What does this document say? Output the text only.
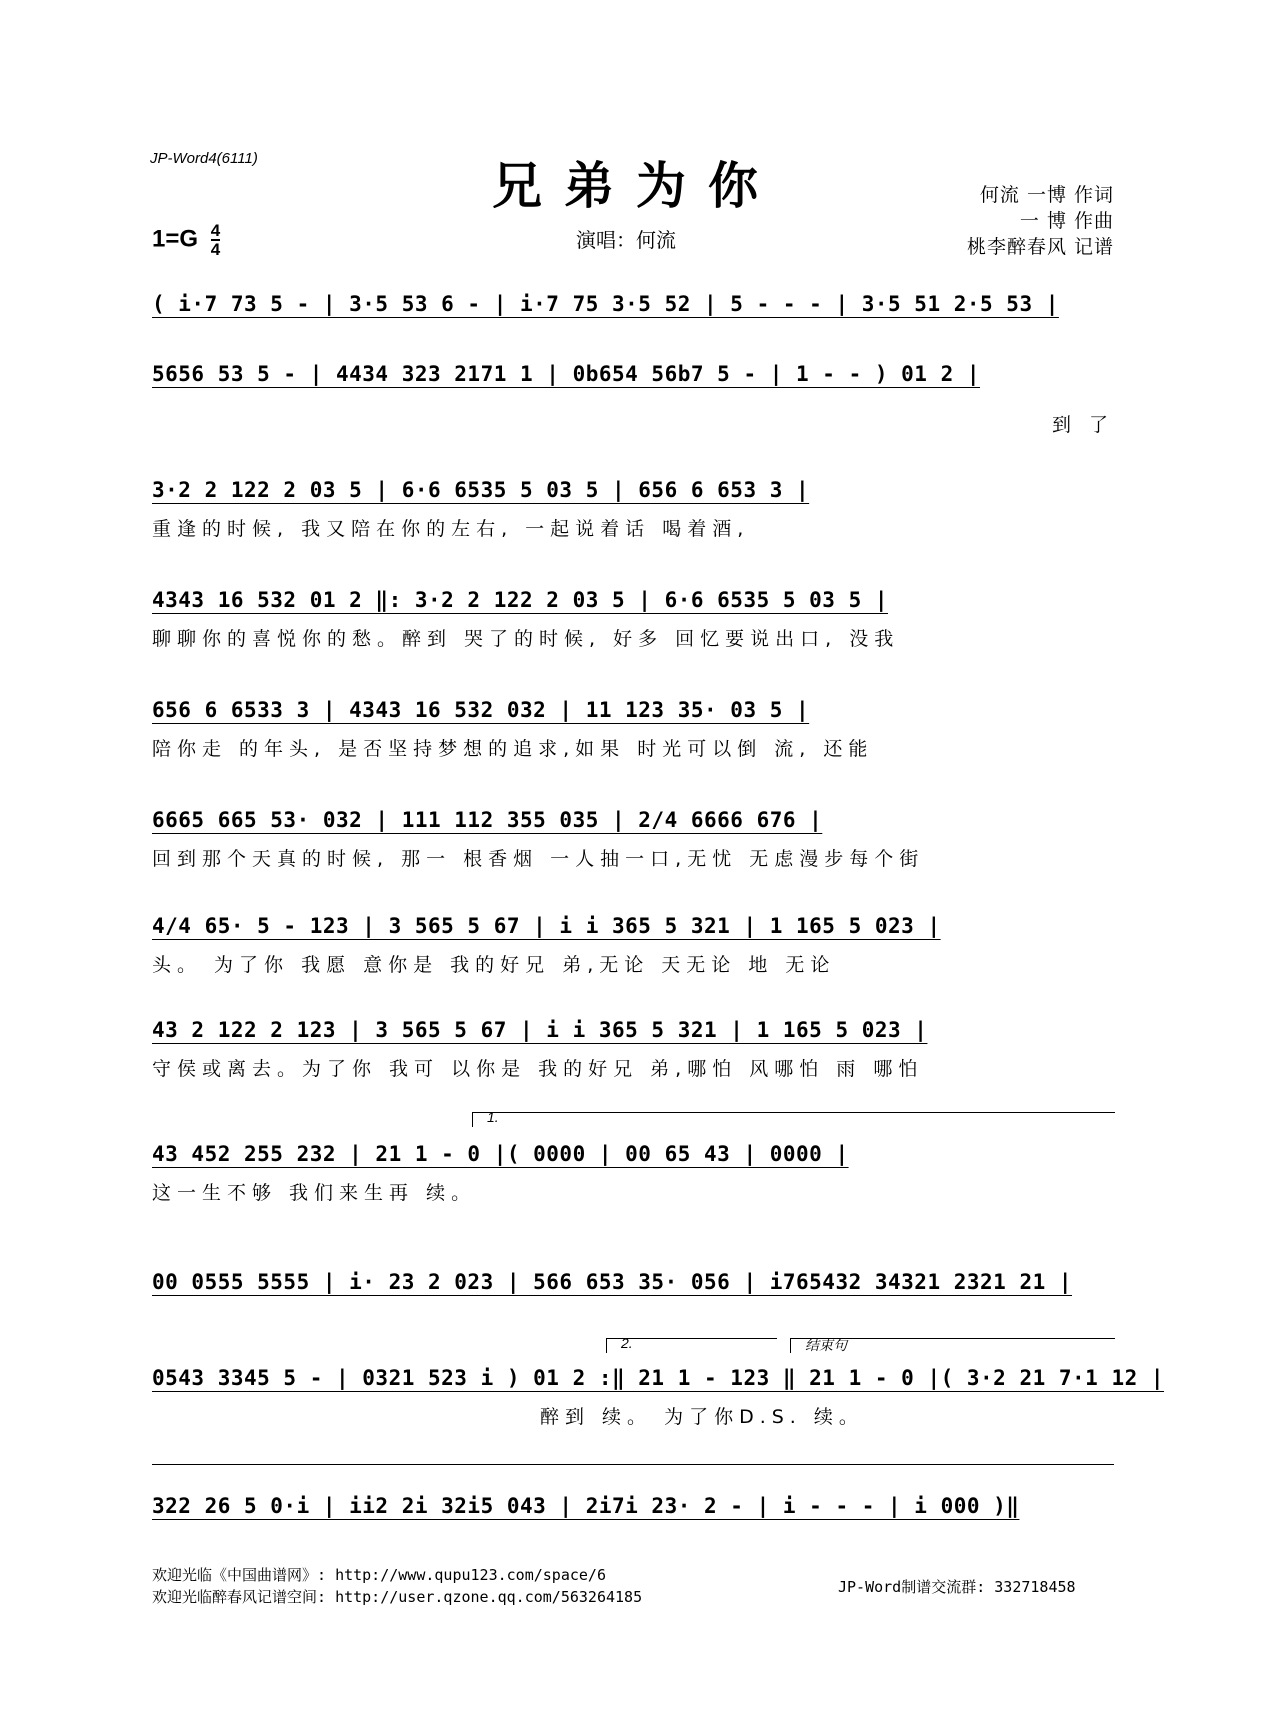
JP-Word4(6111)	兄弟为你
$1=G \frac{4}{4}$	演唱：何流
何流 一博 作词
一 博 作曲
桃李醉春风 记谱
( i·7 73 5 - | 3·5 53 6 - | i·7 75 3·5 52 | 5 - - - | 3·5 51 2·5 53 |
5656 53 5 - | 4434 323 2171 1 | 0b654 56b7 5 - | 1 - - ) 01 2 |
到 了
3·2 2 122 2 03 5 | 6·6 6535 5 03 5 | 656 6 653 3 |
重逢的时候, 我又陪在你的左右, 一起说着话 喝着酒,
4343 16 532 01 2 ‖: 3·2 2 122 2 03 5 | 6·6 6535 5 03 5 |
聊聊你的喜悦你的愁。醉到 哭了的时候, 好多 回忆要说出口, 没我
656 6 6533 3 | 4343 16 532 032 | 11 123 35· 03 5 |
陪你走 的年头, 是否坚持梦想的追求,如果 时光可以倒 流, 还能
6665 665 53· 032 | 111 112 355 035 | 2/4 6666 676 |
回到那个天真的时候, 那一 根香烟 一人抽一口,无忧 无虑漫步每个街
4/4 65· 5 - 123 | 3 565 5 67 | i i 365 5 321 | 1 165 5 023 |
头。 为了你 我愿 意你是 我的好兄 弟,无论 天无论 地 无论
43 2 122 2 123 | 3 565 5 67 | i i 365 5 321 | 1 165 5 023 |
守侯或离去。为了你 我可 以你是 我的好兄 弟,哪怕 风哪怕 雨 哪怕
1.
43 452 255 232 | 21 1 - 0 |( 0000 | 00 65 43 | 0000 |
这一生不够 我们来生再 续。
00 0555 5555 | i· 23 2 023 | 566 653 35· 056 | i765432 34321 2321 21 |
2.	结束句
0543 3345 5 - | 0321 523 i ) 01 2 :‖ 21 1 - 123 ‖ 21 1 - 0 |( 3·2 21 7·1 12 |
醉到 续。 为了你D.S. 续。
322 26 5 0·i | ii2 2i 32i5 043 | 2i7i 23· 2 - | i - - - | i 000 )‖
欢迎光临《中国曲谱网》: http://www.qupu123.com/space/6
欢迎光临醉春风记谱空间: http://user.qzone.qq.com/563264185
JP-Word制谱交流群: 332718458
